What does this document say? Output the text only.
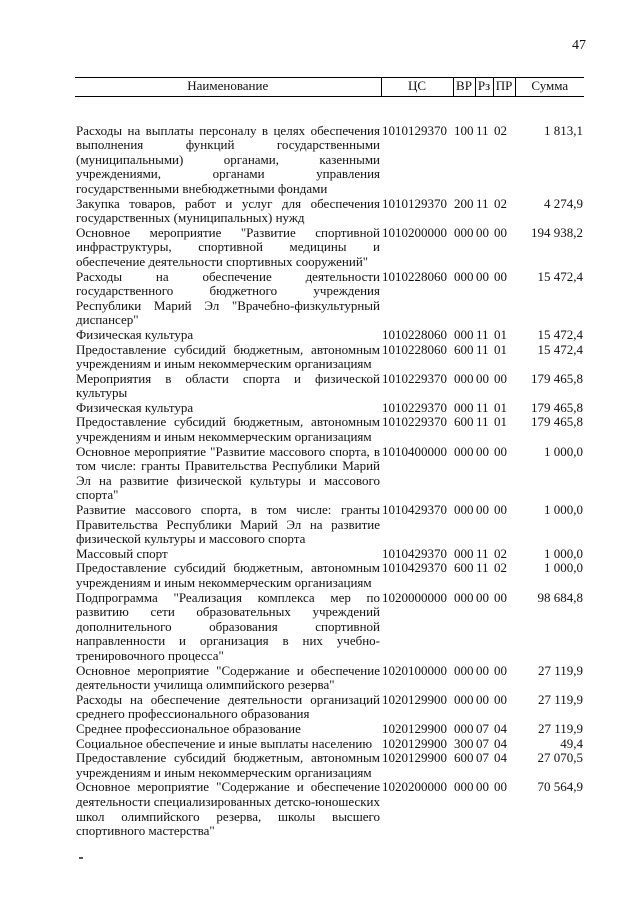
47
Наименование	ЦС	ВР	Рз	ПР	Сумма
Расходы на выплаты персоналу в целях обеспечения выполнения функций государственными (муниципальными) органами, казенными учреждениями, органами управления государственными внебюджетными фондами	1010129370	100	11	02	1 813,1
Закупка товаров, работ и услуг для обеспечения государственных (муниципальных) нужд	1010129370	200	11	02	4 274,9
Основное мероприятие "Развитие спортивной инфраструктуры, спортивной медицины и обеспечение деятельности спортивных сооружений"	1010200000	000	00	00	194 938,2
Расходы на обеспечение деятельности государственного бюджетного учреждения Республики Марий Эл "Врачебно-физкультурный диспансер"	1010228060	000	00	00	15 472,4
Физическая культура	1010228060	000	11	01	15 472,4
Предоставление субсидий бюджетным, автономным учреждениям и иным некоммерческим организациям	1010228060	600	11	01	15 472,4
Мероприятия в области спорта и физической культуры	1010229370	000	00	00	179 465,8
Физическая культура	1010229370	000	11	01	179 465,8
Предоставление субсидий бюджетным, автономным учреждениям и иным некоммерческим организациям	1010229370	600	11	01	179 465,8
Основное мероприятие "Развитие массового спорта, в том числе: гранты Правительства Республики Марий Эл на развитие физической культуры и массового спорта"	1010400000	000	00	00	1 000,0
Развитие массового спорта, в том числе: гранты Правительства Республики Марий Эл на развитие физической культуры и массового спорта	1010429370	000	00	00	1 000,0
Массовый спорт	1010429370	000	11	02	1 000,0
Предоставление субсидий бюджетным, автономным учреждениям и иным некоммерческим организациям	1010429370	600	11	02	1 000,0
Подпрограмма "Реализация комплекса мер по развитию сети образовательных учреждений дополнительного образования спортивной направленности и организация в них учебно-тренировочного процесса"	1020000000	000	00	00	98 684,8
Основное мероприятие "Содержание и обеспечение деятельности училища олимпийского резерва"	1020100000	000	00	00	27 119,9
Расходы на обеспечение деятельности организаций среднего профессионального образования	1020129900	000	00	00	27 119,9
Среднее профессиональное образование	1020129900	000	07	04	27 119,9
Социальное обеспечение и иные выплаты населению	1020129900	300	07	04	49,4
Предоставление субсидий бюджетным, автономным учреждениям и иным некоммерческим организациям	1020129900	600	07	04	27 070,5
Основное мероприятие "Содержание и обеспечение деятельности специализированных детско-юношеских школ олимпийского резерва, школы высшего спортивного мастерства"	1020200000	000	00	00	70 564,9
